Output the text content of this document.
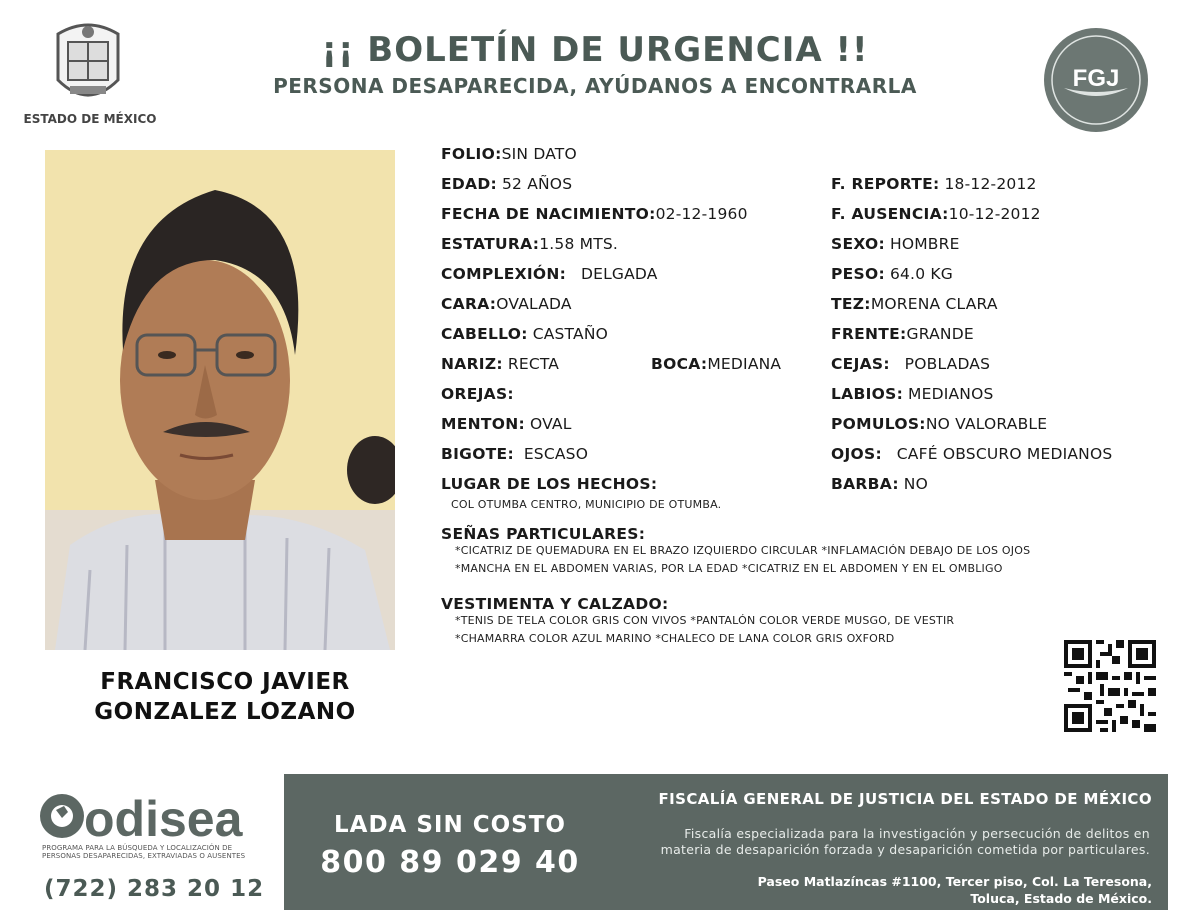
ESTADO DE MÉXICO
¡¡ BOLETÍN DE URGENCIA !!
PERSONA DESAPARECIDA, AYÚDANOS A ENCONTRARLA	FGJ
FRANCISCO JAVIER
GONZALEZ LOZANO
FOLIO:SIN DATO
EDAD: 52 AÑOS
FECHA DE NACIMIENTO:02-12-1960
ESTATURA:1.58 MTS.
COMPLEXIÓN: DELGADA
CARA:OVALADA
CABELLO: CASTAÑO
NARIZ: RECTA	BOCA:MEDIANA
OREJAS:
MENTON: OVAL
BIGOTE: ESCASO
LUGAR DE LOS HECHOS:
COL OTUMBA CENTRO, MUNICIPIO DE OTUMBA.
F. REPORTE: 18-12-2012
F. AUSENCIA:10-12-2012
SEXO: HOMBRE
PESO: 64.0 KG
TEZ:MORENA CLARA
FRENTE:GRANDE
CEJAS: POBLADAS
LABIOS: MEDIANOS
POMULOS:NO VALORABLE
OJOS: CAFÉ OBSCURO MEDIANOS
BARBA: NO
SEÑAS PARTICULARES:
*CICATRIZ DE QUEMADURA EN EL BRAZO IZQUIERDO CIRCULAR *INFLAMACIÓN DEBAJO DE LOS OJOS
*MANCHA EN EL ABDOMEN VARIAS, POR LA EDAD *CICATRIZ EN EL ABDOMEN Y EN EL OMBLIGO
VESTIMENTA Y CALZADO:
*TENIS DE TELA COLOR GRIS CON VIVOS *PANTALÓN COLOR VERDE MUSGO, DE VESTIR
*CHAMARRA COLOR AZUL MARINO *CHALECO DE LANA COLOR GRIS OXFORD
odisea
PROGRAMA PARA LA BÚSQUEDA Y LOCALIZACIÓN DE PERSONAS DESAPARECIDAS, EXTRAVIADAS O AUSENTES
(722) 283 20 12
LADA SIN COSTO
800 89 029 40
FISCALÍA GENERAL DE JUSTICIA DEL ESTADO DE MÉXICO
Fiscalía especializada para la investigación y persecución de delitos en
materia de desaparición forzada y desaparición cometida por particulares.
Paseo Matlazíncas #1100, Tercer piso, Col. La Teresona,
Toluca, Estado de México.
